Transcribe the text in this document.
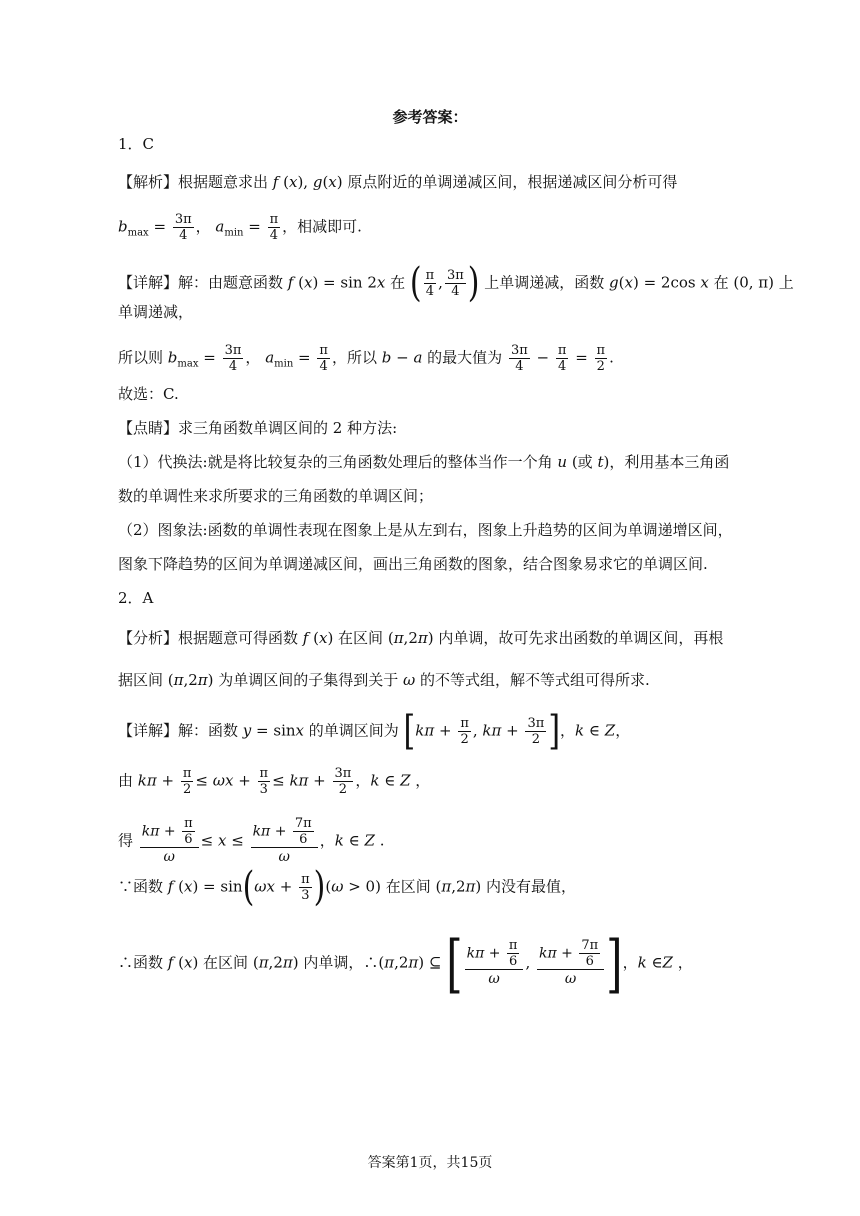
参考答案：
1．C
【解析】根据题意求出 f (x), g(x) 原点附近的单调递减区间，根据递减区间分析可得
$b_{max} = \frac{3\pi}{4}$ ， $a_{min} = \frac{\pi}{4}$ ，相减即可.
【详解】解：由题意函数 f (x) = sin 2x 在 ( $\frac{\pi}{4}$ , $\frac{3\pi}{4}$ ) 上单调递减，函数 g(x) = 2cos x 在 (0, π) 上
单调递减，
所以则 $b_{max} = \frac{3\pi}{4}$ ， $a_{min} = \frac{\pi}{4}$ ，所以 b − a 的最大值为 $\frac{3\pi}{4} - \frac{\pi}{4} = \frac{\pi}{2}$ .
故选：C.
【点睛】求三角函数单调区间的 2 种方法:
（1）代换法:就是将比较复杂的三角函数处理后的整体当作一个角 u (或 t)，利用基本三角函
数的单调性来求所要求的三角函数的单调区间；
（2）图象法:函数的单调性表现在图象上是从左到右，图象上升趋势的区间为单调递增区间，
图象下降趋势的区间为单调递减区间，画出三角函数的图象，结合图象易求它的单调区间.
2．A
【分析】根据题意可得函数 f (x) 在区间 (π,2π) 内单调，故可先求出函数的单调区间，再根
据区间 (π,2π) 为单调区间的子集得到关于 ω 的不等式组，解不等式组可得所求.
【详解】解：函数 y = sinx 的单调区间为 [$k\pi + \frac{\pi}{2}$ , $k\pi + \frac{3\pi}{2}$ ]，k ∈ Z，
由 $k\pi + \frac{\pi}{2} \le \omega x + \frac{\pi}{3} \le k\pi + \frac{3\pi}{2}$ ，k ∈ Z ，
得 $\frac{k\pi + \frac{\pi}{6}}{\omega} \le x \le \frac{k\pi + \frac{7\pi}{6}}{\omega}$ ，k ∈ Z .
∵函数 f $(x) = \sin(\omega x + \frac{\pi}{3} )(\omega > 0)$ 在区间 (π,2π) 内没有最值，
∴函数 f (x) 在区间 (π,2π) 内单调，∴(π,2π) ⊆ [ $\frac{k\pi + \frac{\pi}{6}}{\omega}$ , $\frac{k\pi + \frac{7\pi}{6}}{\omega}$ ]，k ∈Z ，
答案第1页，共15页
